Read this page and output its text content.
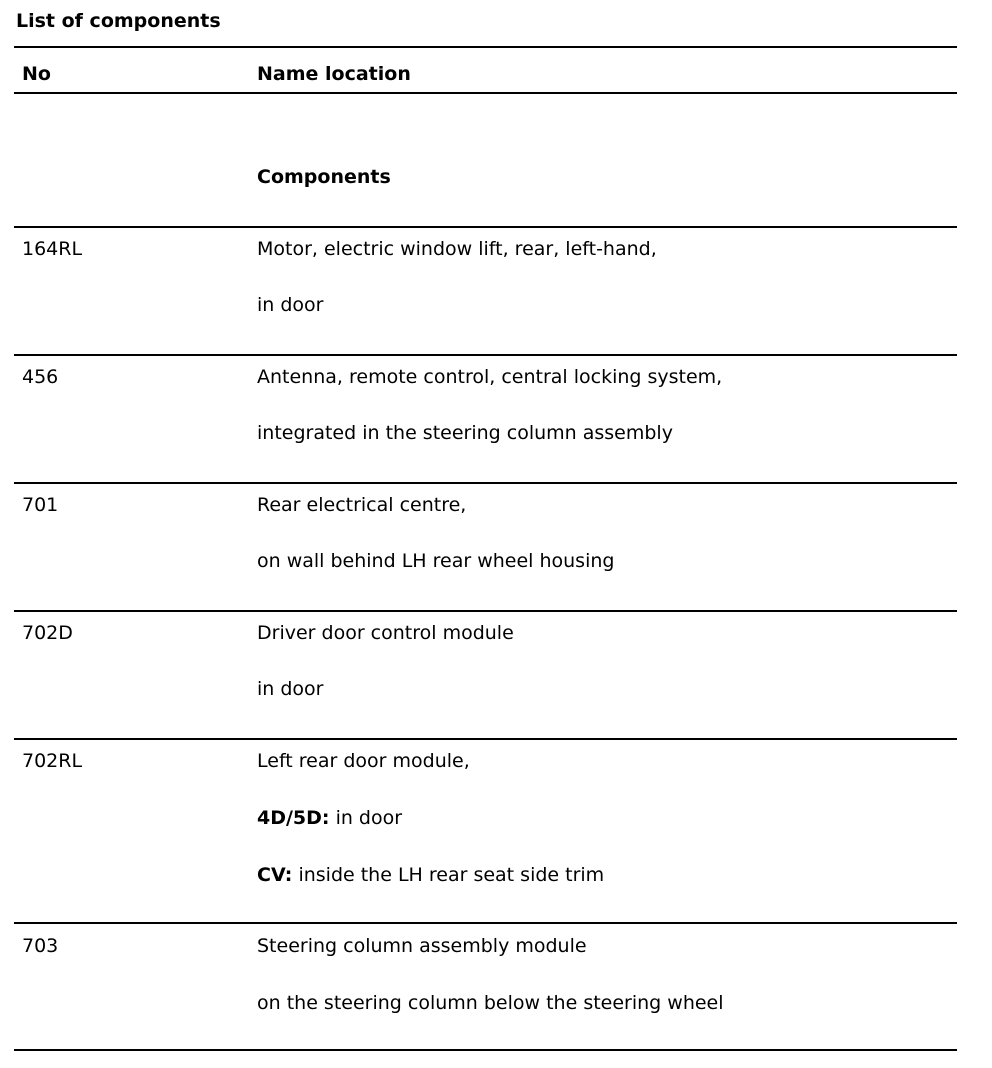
List of components
No	Name location
Components
164RL	Motor, electric window lift, rear, left-hand,
in door
456	Antenna, remote control, central locking system,
integrated in the steering column assembly
701	Rear electrical centre,
on wall behind LH rear wheel housing
702D	Driver door control module
in door
702RL	Left rear door module,
4D/5D: in door
CV: inside the LH rear seat side trim
703	Steering column assembly module
on the steering column below the steering wheel
